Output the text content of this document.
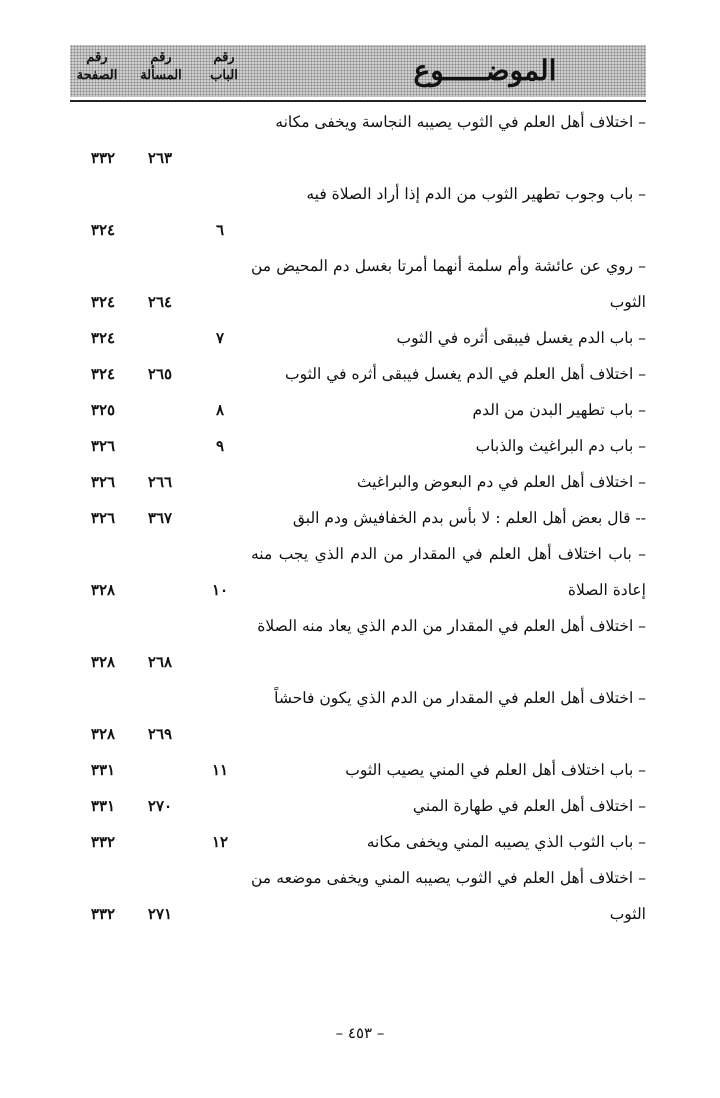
رقم
الصفحة
رقم
المسألة
رقم
الباب	الموضـــــوع
– اختلاف أهل العلم في الثوب يصيبه النجاسة ويخفى مكانه
٢٦٣
٣٣٢
– باب وجوب تطهير الثوب من الدم إذا أراد الصلاة فيه
٦
٣٢٤
– روي عن عائشة وأم سلمة أنهما أمرتا بغسل دم المحيض من الثوب
٢٦٤
٣٢٤
– باب الدم يغسل فيبقى أثره في الثوب
٧
٣٢٤
– اختلاف أهل العلم في الدم يغسل فيبقى أثره في الثوب
٢٦٥
٣٢٤
– باب تطهير البدن من الدم
٨
٣٢٥
– باب دم البراغيث والذباب
٩
٣٢٦
– اختلاف أهل العلم في دم البعوض والبراغيث
٢٦٦
٣٢٦
-- قال بعض أهل العلم : لا بأس بدم الخفافيش ودم البق
٣٦٧
٣٢٦
– باب اختلاف أهل العلم في المقدار من الدم الذي يجب منه إعادة الصلاة
١٠
٣٢٨
– اختلاف أهل العلم في المقدار من الدم الذي يعاد منه الصلاة
٢٦٨
٣٢٨
– اختلاف أهل العلم في المقدار من الدم الذي يكون فاحشاً
٢٦٩
٣٢٨
– باب اختلاف أهل العلم في المني يصيب الثوب
١١
٣٣١
– اختلاف أهل العلم في طهارة المني
٢٧٠
٣٣١
– باب الثوب الذي يصيبه المني ويخفى مكانه
١٢
٣٣٢
– اختلاف أهل العلم في الثوب يصيبه المني ويخفى موضعه من الثوب
٢٧١
٣٣٢
– ٤٥٣ –
